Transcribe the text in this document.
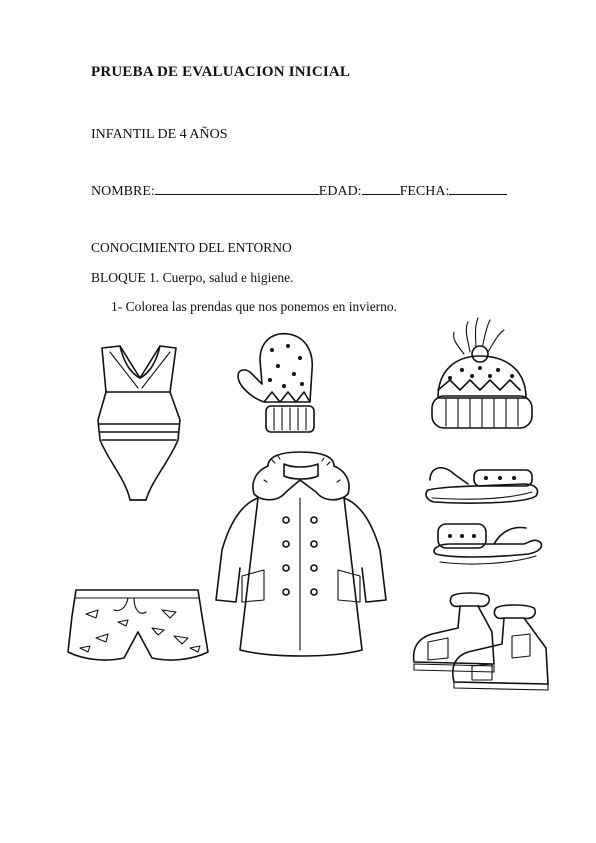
PRUEBA DE EVALUACION INICIAL
INFANTIL DE 4 AÑOS
NOMBRE:	EDAD:	FECHA:
CONOCIMIENTO DEL ENTORNO
BLOQUE 1. Cuerpo, salud e higiene.
1- Colorea las prendas que nos ponemos en invierno.
